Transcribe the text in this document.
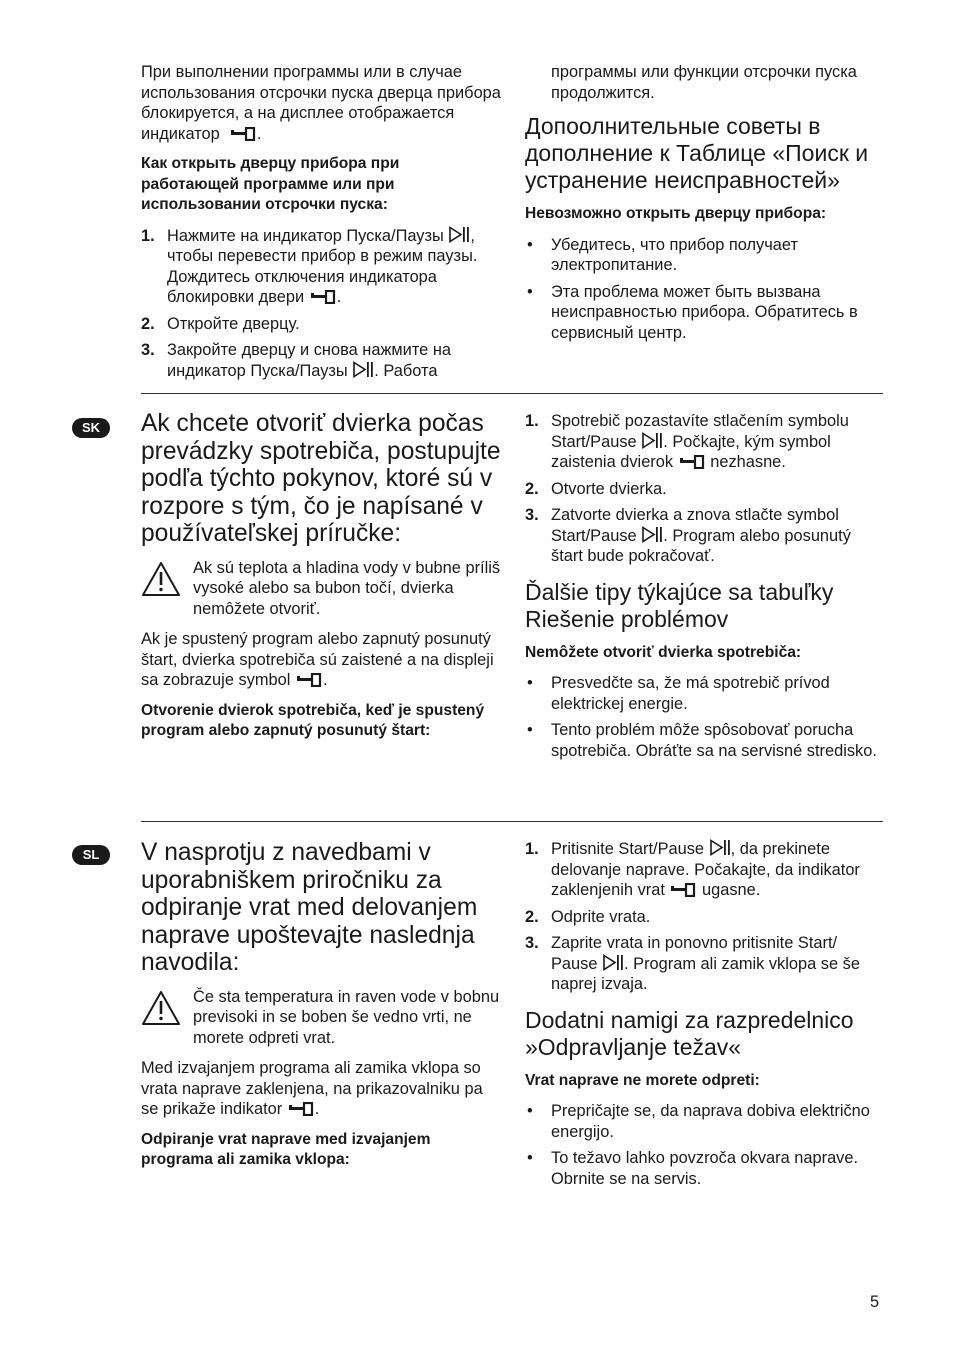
При выполнении программы или в случае использования отсрочки пуска дверца прибора блокируется, а на дисплее отображается индикатор .

Как открыть дверцу прибора при работающей программе или при использовании отсрочки пуска:

1. Нажмите на индикатор Пуска/Паузы , чтобы перевести прибор в режим паузы. Дождитесь отключения индикатора блокировки двери .
2. Откройте дверцу.
3. Закройте дверцу и снова нажмите на индикатор Пуска/Паузы . Работа

программы или функции отсрочки пуска продолжится.

Допоолнительные советы в дополнение к Таблице «Поиск и устранение неисправностей»

Невозможно открыть дверцу прибора:

• Убедитесь, что прибор получает электропитание.
• Эта проблема может быть вызвана неисправностью прибора. Обратитесь в сервисный центр.
SK	Ak chcete otvoriť dvierka počas prevádzky spotrebiča, postupujte podľa týchto pokynov, ktoré sú v rozpore s tým, čo je napísané v používateľskej príručke:

Ak sú teplota a hladina vody v bubne príliš vysoké alebo sa bubon točí, dvierka nemôžete otvoriť.

Ak je spustený program alebo zapnutý posunutý štart, dvierka spotrebiča sú zaistené a na displeji sa zobrazuje symbol .

Otvorenie dvierok spotrebiča, keď je spustený program alebo zapnutý posunutý štart:

1. Spotrebič pozastavíte stlačením symbolu Start/Pause . Počkajte, kým symbol zaistenia dvierok  nezhasne.
2. Otvorte dvierka.
3. Zatvorte dvierka a znova stlačte symbol Start/Pause . Program alebo posunutý štart bude pokračovať.
Ďalšie tipy týkajúce sa tabuľky Riešenie problémov

Nemôžete otvoriť dvierka spotrebiča:

• Presvedčte sa, že má spotrebič prívod elektrickej energie.
• Tento problém môže spôsobovať porucha spotrebiča. Obráťte sa na servisné stredisko.
SL	V nasprotju z navedbami v uporabniškem priročniku za odpiranje vrat med delovanjem naprave upoštevajte naslednja navodila:

Če sta temperatura in raven vode v bobnu previsoki in se boben še vedno vrti, ne morete odpreti vrat.

Med izvajanjem programa ali zamika vklopa so vrata naprave zaklenjena, na prikazovalniku pa se prikaže indikator .

Odpiranje vrat naprave med izvajanjem programa ali zamika vklopa:

1. Pritisnite Start/Pause , da prekinete delovanje naprave. Počakajte, da indikator zaklenjenih vrat  ugasne.
2. Odprite vrata.
3. Zaprite vrata in ponovno pritisnite Start/ Pause . Program ali zamik vklopa se še naprej izvaja.
Dodatni namigi za razpredelnico »Odpravljanje težav«

Vrat naprave ne morete odpreti:

• Prepričajte se, da naprava dobiva električno energijo.
• To težavo lahko povzroča okvara naprave. Obrnite se na servis.
5
